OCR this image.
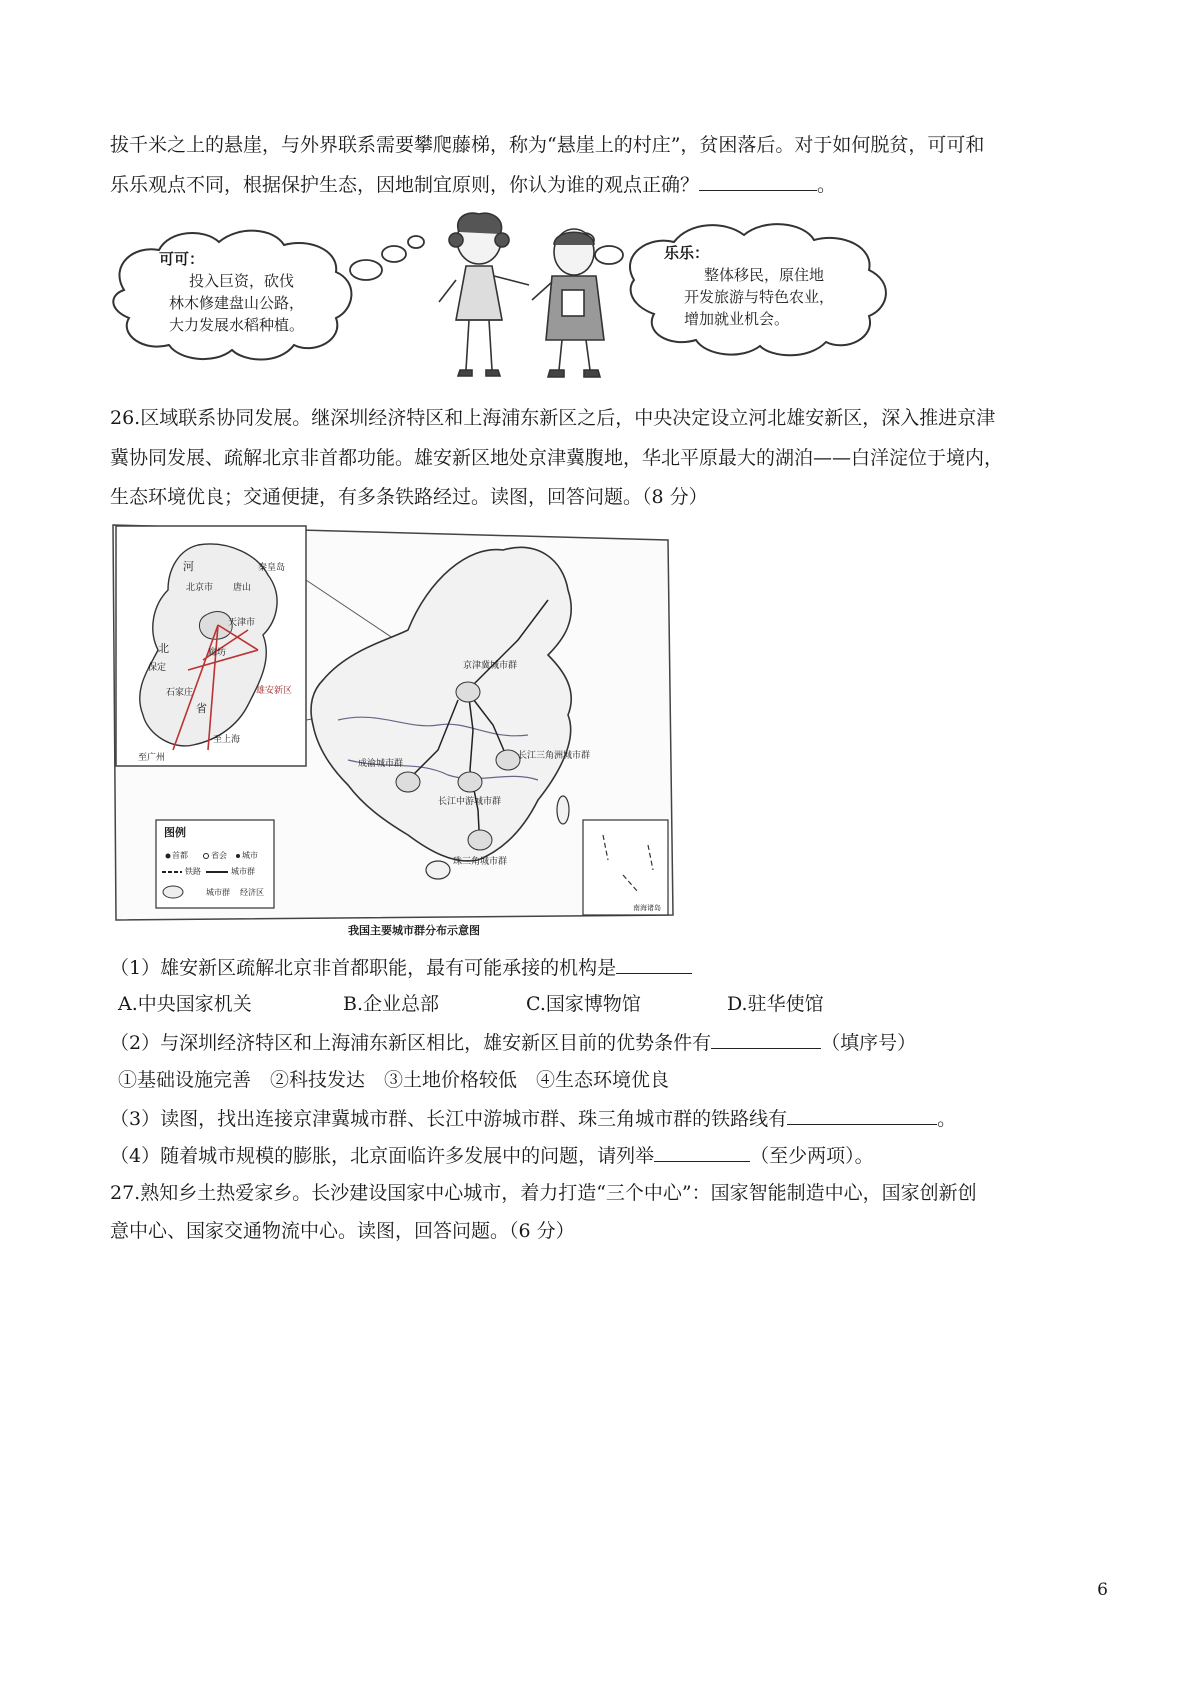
拔千米之上的悬崖，与外界联系需要攀爬藤梯，称为“悬崖上的村庄”，贫困落后。对于如何脱贫，可可和
乐乐观点不同，根据保护生态，因地制宜原则，你认为谁的观点正确？	。
可可：
投入巨资，砍伐
林木修建盘山公路，
大力发展水稻种植。
乐乐：
整体移民，原住地
开发旅游与特色农业，
增加就业机会。
26.区域联系协同发展。继深圳经济特区和上海浦东新区之后，中央决定设立河北雄安新区，深入推进京津
冀协同发展、疏解北京非首都功能。雄安新区地处京津冀腹地，华北平原最大的湖泊——白洋淀位于境内，
生态环境优良；交通便捷，有多条铁路经过。读图，回答问题。（8 分）
河
北
省
北京市
天津市
雄安新区
保定
石家庄
唐山
秦皇岛
至广州
至上海
廊坊
京津冀城市群
长江三角洲城市群
长江中游城市群
成渝城市群
珠三角城市群
图例
首都	省会 城市
铁路	城市群
城市群 经济区
南海诸岛
我国主要城市群分布示意图
（1）雄安新区疏解北京非首都职能，最有可能承接的机构是
A.中央国家机关	B.企业总部	C.国家博物馆	D.驻华使馆
（2）与深圳经济特区和上海浦东新区相比，雄安新区目前的优势条件有	（填序号）
①基础设施完善　②科技发达　③土地价格较低　④生态环境优良
（3）读图，找出连接京津冀城市群、长江中游城市群、珠三角城市群的铁路线有	。
（4）随着城市规模的膨胀，北京面临许多发展中的问题，请列举	（至少两项）。
27.熟知乡土热爱家乡。长沙建设国家中心城市，着力打造“三个中心”：国家智能制造中心，国家创新创
意中心、国家交通物流中心。读图，回答问题。（6 分）
6
